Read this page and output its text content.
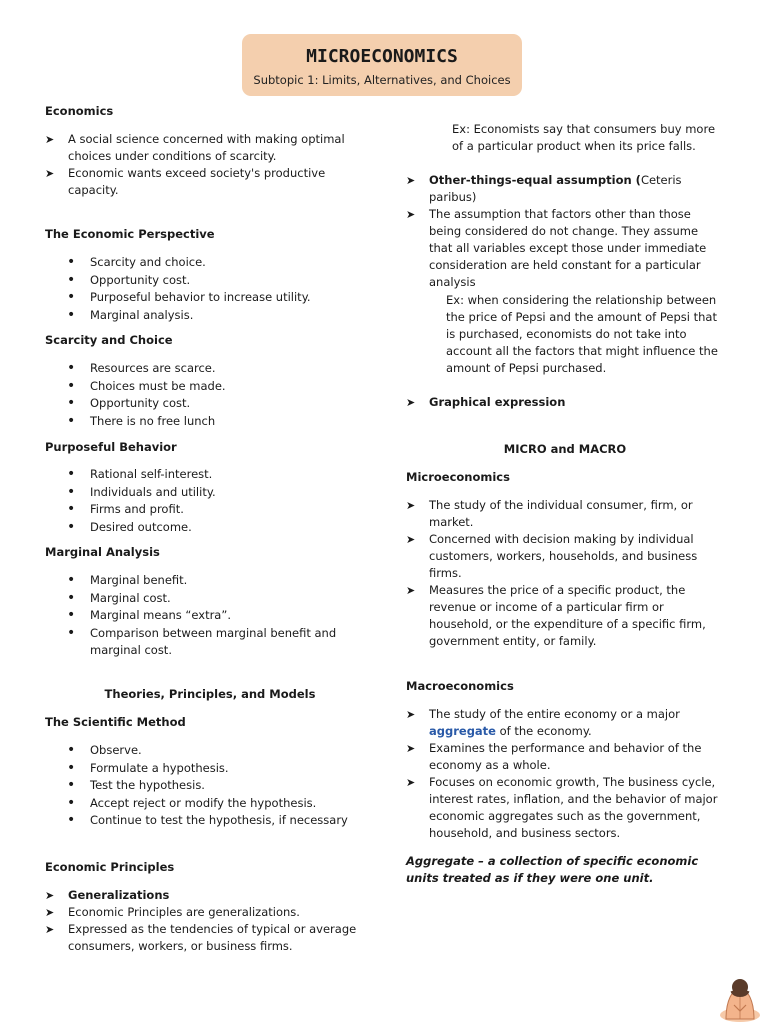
MICROECONOMICS
Subtopic 1: Limits, Alternatives, and Choices
Economics
➤ A social science concerned with making optimal choices under conditions of scarcity.
➤ Economic wants exceed society's productive capacity.
The Economic Perspective
• Scarcity and choice.
• Opportunity cost.
• Purposeful behavior to increase utility.
• Marginal analysis.
Scarcity and Choice
• Resources are scarce.
• Choices must be made.
• Opportunity cost.
• There is no free lunch
Purposeful Behavior
• Rational self-interest.
• Individuals and utility.
• Firms and profit.
• Desired outcome.
Marginal Analysis
• Marginal benefit.
• Marginal cost.
• Marginal means “extra”.
• Comparison between marginal benefit and marginal cost.
Theories, Principles, and Models
The Scientific Method
• Observe.
• Formulate a hypothesis.
• Test the hypothesis.
• Accept reject or modify the hypothesis.
• Continue to test the hypothesis, if necessary
Economic Principles
➤ Generalizations
➤ Economic Principles are generalizations.
➤ Expressed as the tendencies of typical or average consumers, workers, or business firms.
Ex: Economists say that consumers buy more of a particular product when its price falls.
➤ Other-things-equal assumption (Ceteris paribus)
➤ The assumption that factors other than those being considered do not change. They assume that all variables except those under immediate consideration are held constant for a particular analysis
Ex: when considering the relationship between the price of Pepsi and the amount of Pepsi that is purchased, economists do not take into account all the factors that might influence the amount of Pepsi purchased.
➤ Graphical expression
MICRO and MACRO
Microeconomics
➤ The study of the individual consumer, firm, or market.
➤ Concerned with decision making by individual customers, workers, households, and business firms.
➤ Measures the price of a specific product, the revenue or income of a particular firm or household, or the expenditure of a specific firm, government entity, or family.
Macroeconomics
➤ The study of the entire economy or a major aggregate of the economy.
➤ Examines the performance and behavior of the economy as a whole.
➤ Focuses on economic growth, The business cycle, interest rates, inflation, and the behavior of major economic aggregates such as the government, household, and business sectors.
Aggregate – a collection of specific economic units treated as if they were one unit.
